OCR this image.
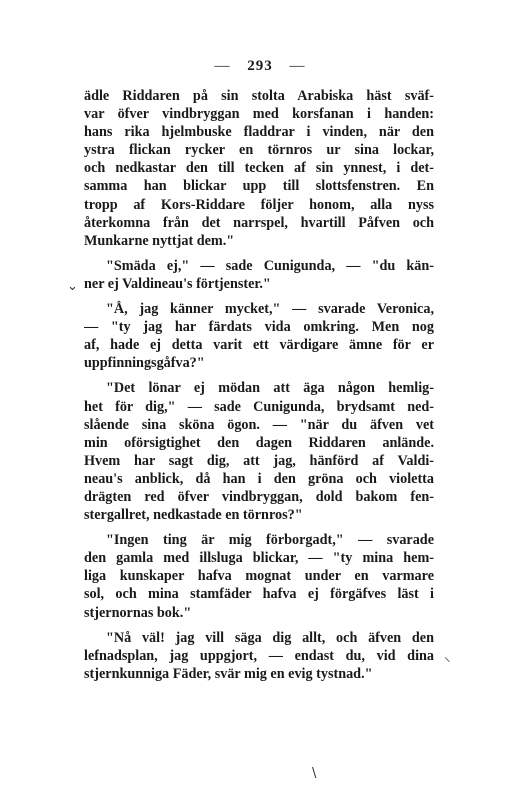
— 293 —
ädle Riddaren på sin stolta Arabiska häst sväf-
var öfver vindbryggan med korsfanan i handen:
hans rika hjelmbuske fladdrar i vinden, när den
ystra flickan rycker en törnros ur sina lockar,
och nedkastar den till tecken af sin ynnest, i det-
samma han blickar upp till slottsfenstren. En
tropp af Kors-Riddare följer honom, alla nyss
återkomna från det narrspel, hvartill Påfven och
Munkarne nyttjat dem."
"Smäda ej," — sade Cunigunda, — "du kän-
ner ej Valdineau's förtjenster."
"Å, jag känner mycket," — svarade Veronica,
— "ty jag har färdats vida omkring. Men nog
af, hade ej detta varit ett värdigare ämne för er
uppfinningsgåfva?"
"Det lönar ej mödan att äga någon hemlig-
het för dig," — sade Cunigunda, brydsamt ned-
slående sina sköna ögon. — "när du äfven vet
min oförsigtighet den dagen Riddaren anlände.
Hvem har sagt dig, att jag, hänförd af Valdi-
neau's anblick, då han i den gröna och violetta
drägten red öfver vindbryggan, dold bakom fen-
stergallret, nedkastade en törnros?"
"Ingen ting är mig förborgadt," — svarade
den gamla med illsluga blickar, — "ty mina hem-
liga kunskaper hafva mognat under en varmare
sol, och mina stamfäder hafva ej förgäfves läst i
stjernornas bok."
"Nå väl! jag vill säga dig allt, och äfven den
lefnadsplan, jag uppgjort, — endast du, vid dina
stjernkunniga Fäder, svär mig en evig tystnad."
⌄
⸜
\
